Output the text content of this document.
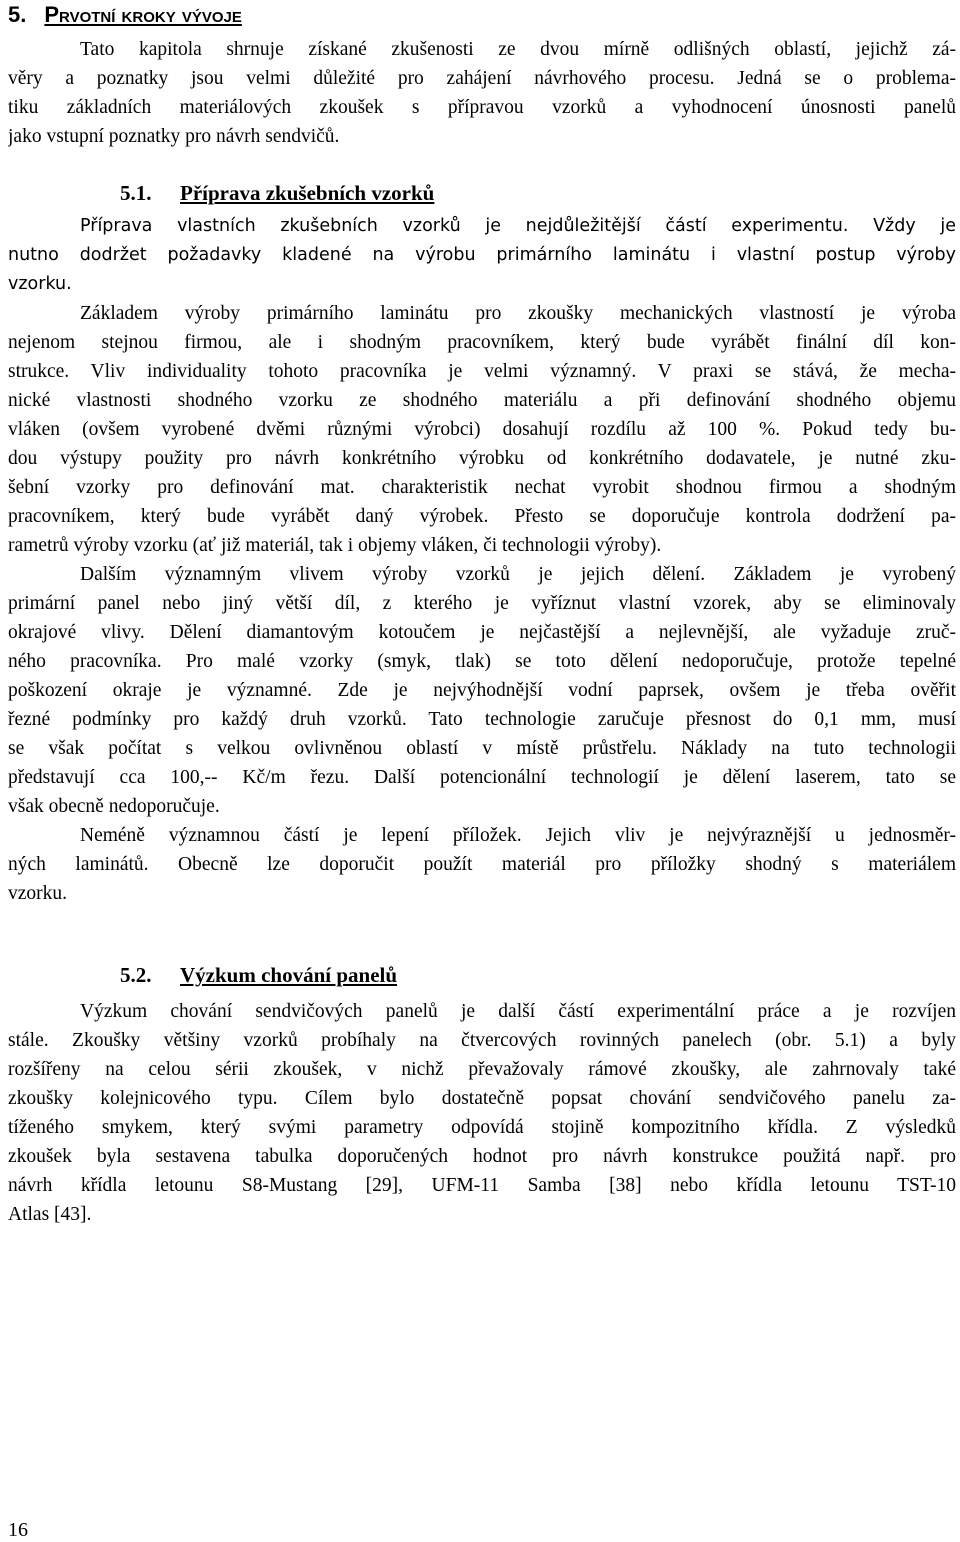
5. Prvotní kroky vývoje
Tato kapitola shrnuje získané zkušenosti ze dvou mírně odlišných oblastí, jejichž zá-
věry a poznatky jsou velmi důležité pro zahájení návrhového procesu. Jedná se o problema-
tiku základních materiálových zkoušek s přípravou vzorků a vyhodnocení únosnosti panelů
jako vstupní poznatky pro návrh sendvičů.
5.1. Příprava zkušebních vzorků
Příprava vlastních zkušebních vzorků je nejdůležitější částí experimentu. Vždy je
nutno dodržet požadavky kladené na výrobu primárního laminátu i vlastní postup výroby
vzorku.
Základem výroby primárního laminátu pro zkoušky mechanických vlastností je výroba
nejenom stejnou firmou, ale i shodným pracovníkem, který bude vyrábět finální díl kon-
strukce. Vliv individuality tohoto pracovníka je velmi významný. V praxi se stává, že mecha-
nické vlastnosti shodného vzorku ze shodného materiálu a při definování shodného objemu
vláken (ovšem vyrobené dvěmi různými výrobci) dosahují rozdílu až 100 %. Pokud tedy bu-
dou výstupy použity pro návrh konkrétního výrobku od konkrétního dodavatele, je nutné zku-
šební vzorky pro definování mat. charakteristik nechat vyrobit shodnou firmou a shodným
pracovníkem, který bude vyrábět daný výrobek. Přesto se doporučuje kontrola dodržení pa-
rametrů výroby vzorku (ať již materiál, tak i objemy vláken, či technologii výroby).
Dalším významným vlivem výroby vzorků je jejich dělení. Základem je vyrobený
primární panel nebo jiný větší díl, z kterého je vyříznut vlastní vzorek, aby se eliminovaly
okrajové vlivy. Dělení diamantovým kotoučem je nejčastější a nejlevnější, ale vyžaduje zruč-
ného pracovníka. Pro malé vzorky (smyk, tlak) se toto dělení nedoporučuje, protože tepelné
poškození okraje je významné. Zde je nejvýhodnější vodní paprsek, ovšem je třeba ověřit
řezné podmínky pro každý druh vzorků. Tato technologie zaručuje přesnost do 0,1 mm, musí
se však počítat s velkou ovlivněnou oblastí v místě průstřelu. Náklady na tuto technologii
představují cca 100,-- Kč/m řezu. Další potencionální technologií je dělení laserem, tato se
však obecně nedoporučuje.
Neméně významnou částí je lepení příložek. Jejich vliv je nejvýraznější u jednosměr-
ných laminátů. Obecně lze doporučit použít materiál pro příložky shodný s materiálem
vzorku.
5.2. Výzkum chování panelů
Výzkum chování sendvičových panelů je další částí experimentální práce a je rozvíjen
stále. Zkoušky většiny vzorků probíhaly na čtvercových rovinných panelech (obr. 5.1) a byly
rozšířeny na celou sérii zkoušek, v nichž převažovaly rámové zkoušky, ale zahrnovaly také
zkoušky kolejnicového typu. Cílem bylo dostatečně popsat chování sendvičového panelu za-
tíženého smykem, který svými parametry odpovídá stojině kompozitního křídla. Z výsledků
zkoušek byla sestavena tabulka doporučených hodnot pro návrh konstrukce použitá např. pro
návrh křídla letounu S8-Mustang [29], UFM-11 Samba [38] nebo křídla letounu TST-10
Atlas [43].
16
